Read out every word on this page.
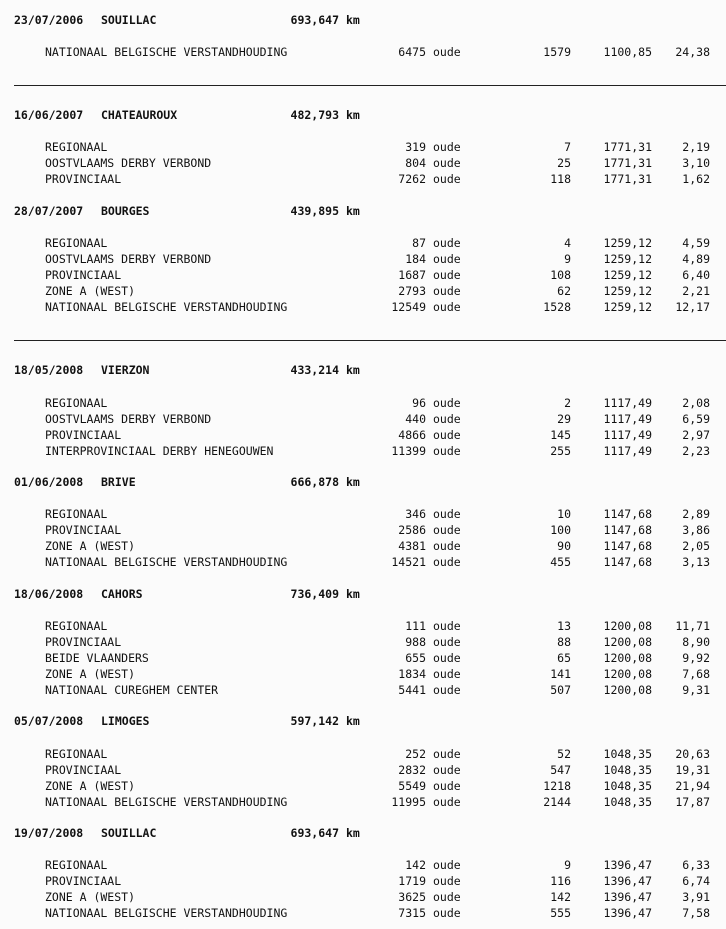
23/07/2006 SOUILLAC	693,647 km
NATIONAAL BELGISCHE VERSTANDHOUDING	6475 oude	1579	1100,85	24,38
16/06/2007 CHATEAUROUX	482,793 km
REGIONAAL	319 oude	7	1771,31	2,19
OOSTVLAAMS DERBY VERBOND	804 oude	25	1771,31	3,10
PROVINCIAAL	7262 oude	118	1771,31	1,62
28/07/2007 BOURGES	439,895 km
REGIONAAL	87 oude	4	1259,12	4,59
OOSTVLAAMS DERBY VERBOND	184 oude	9	1259,12	4,89
PROVINCIAAL	1687 oude	108	1259,12	6,40
ZONE A (WEST)	2793 oude	62	1259,12	2,21
NATIONAAL BELGISCHE VERSTANDHOUDING	12549 oude	1528	1259,12	12,17
18/05/2008 VIERZON	433,214 km
REGIONAAL	96 oude	2	1117,49	2,08
OOSTVLAAMS DERBY VERBOND	440 oude	29	1117,49	6,59
PROVINCIAAL	4866 oude	145	1117,49	2,97
INTERPROVINCIAAL DERBY HENEGOUWEN	11399 oude	255	1117,49	2,23
01/06/2008 BRIVE	666,878 km
REGIONAAL	346 oude	10	1147,68	2,89
PROVINCIAAL	2586 oude	100	1147,68	3,86
ZONE A (WEST)	4381 oude	90	1147,68	2,05
NATIONAAL BELGISCHE VERSTANDHOUDING	14521 oude	455	1147,68	3,13
18/06/2008 CAHORS	736,409 km
REGIONAAL	111 oude	13	1200,08	11,71
PROVINCIAAL	988 oude	88	1200,08	8,90
BEIDE VLAANDERS	655 oude	65	1200,08	9,92
ZONE A (WEST)	1834 oude	141	1200,08	7,68
NATIONAAL CUREGHEM CENTER	5441 oude	507	1200,08	9,31
05/07/2008 LIMOGES	597,142 km
REGIONAAL	252 oude	52	1048,35	20,63
PROVINCIAAL	2832 oude	547	1048,35	19,31
ZONE A (WEST)	5549 oude	1218	1048,35	21,94
NATIONAAL BELGISCHE VERSTANDHOUDING	11995 oude	2144	1048,35	17,87
19/07/2008 SOUILLAC	693,647 km
REGIONAAL	142 oude	9	1396,47	6,33
PROVINCIAAL	1719 oude	116	1396,47	6,74
ZONE A (WEST)	3625 oude	142	1396,47	3,91
NATIONAAL BELGISCHE VERSTANDHOUDING	7315 oude	555	1396,47	7,58
